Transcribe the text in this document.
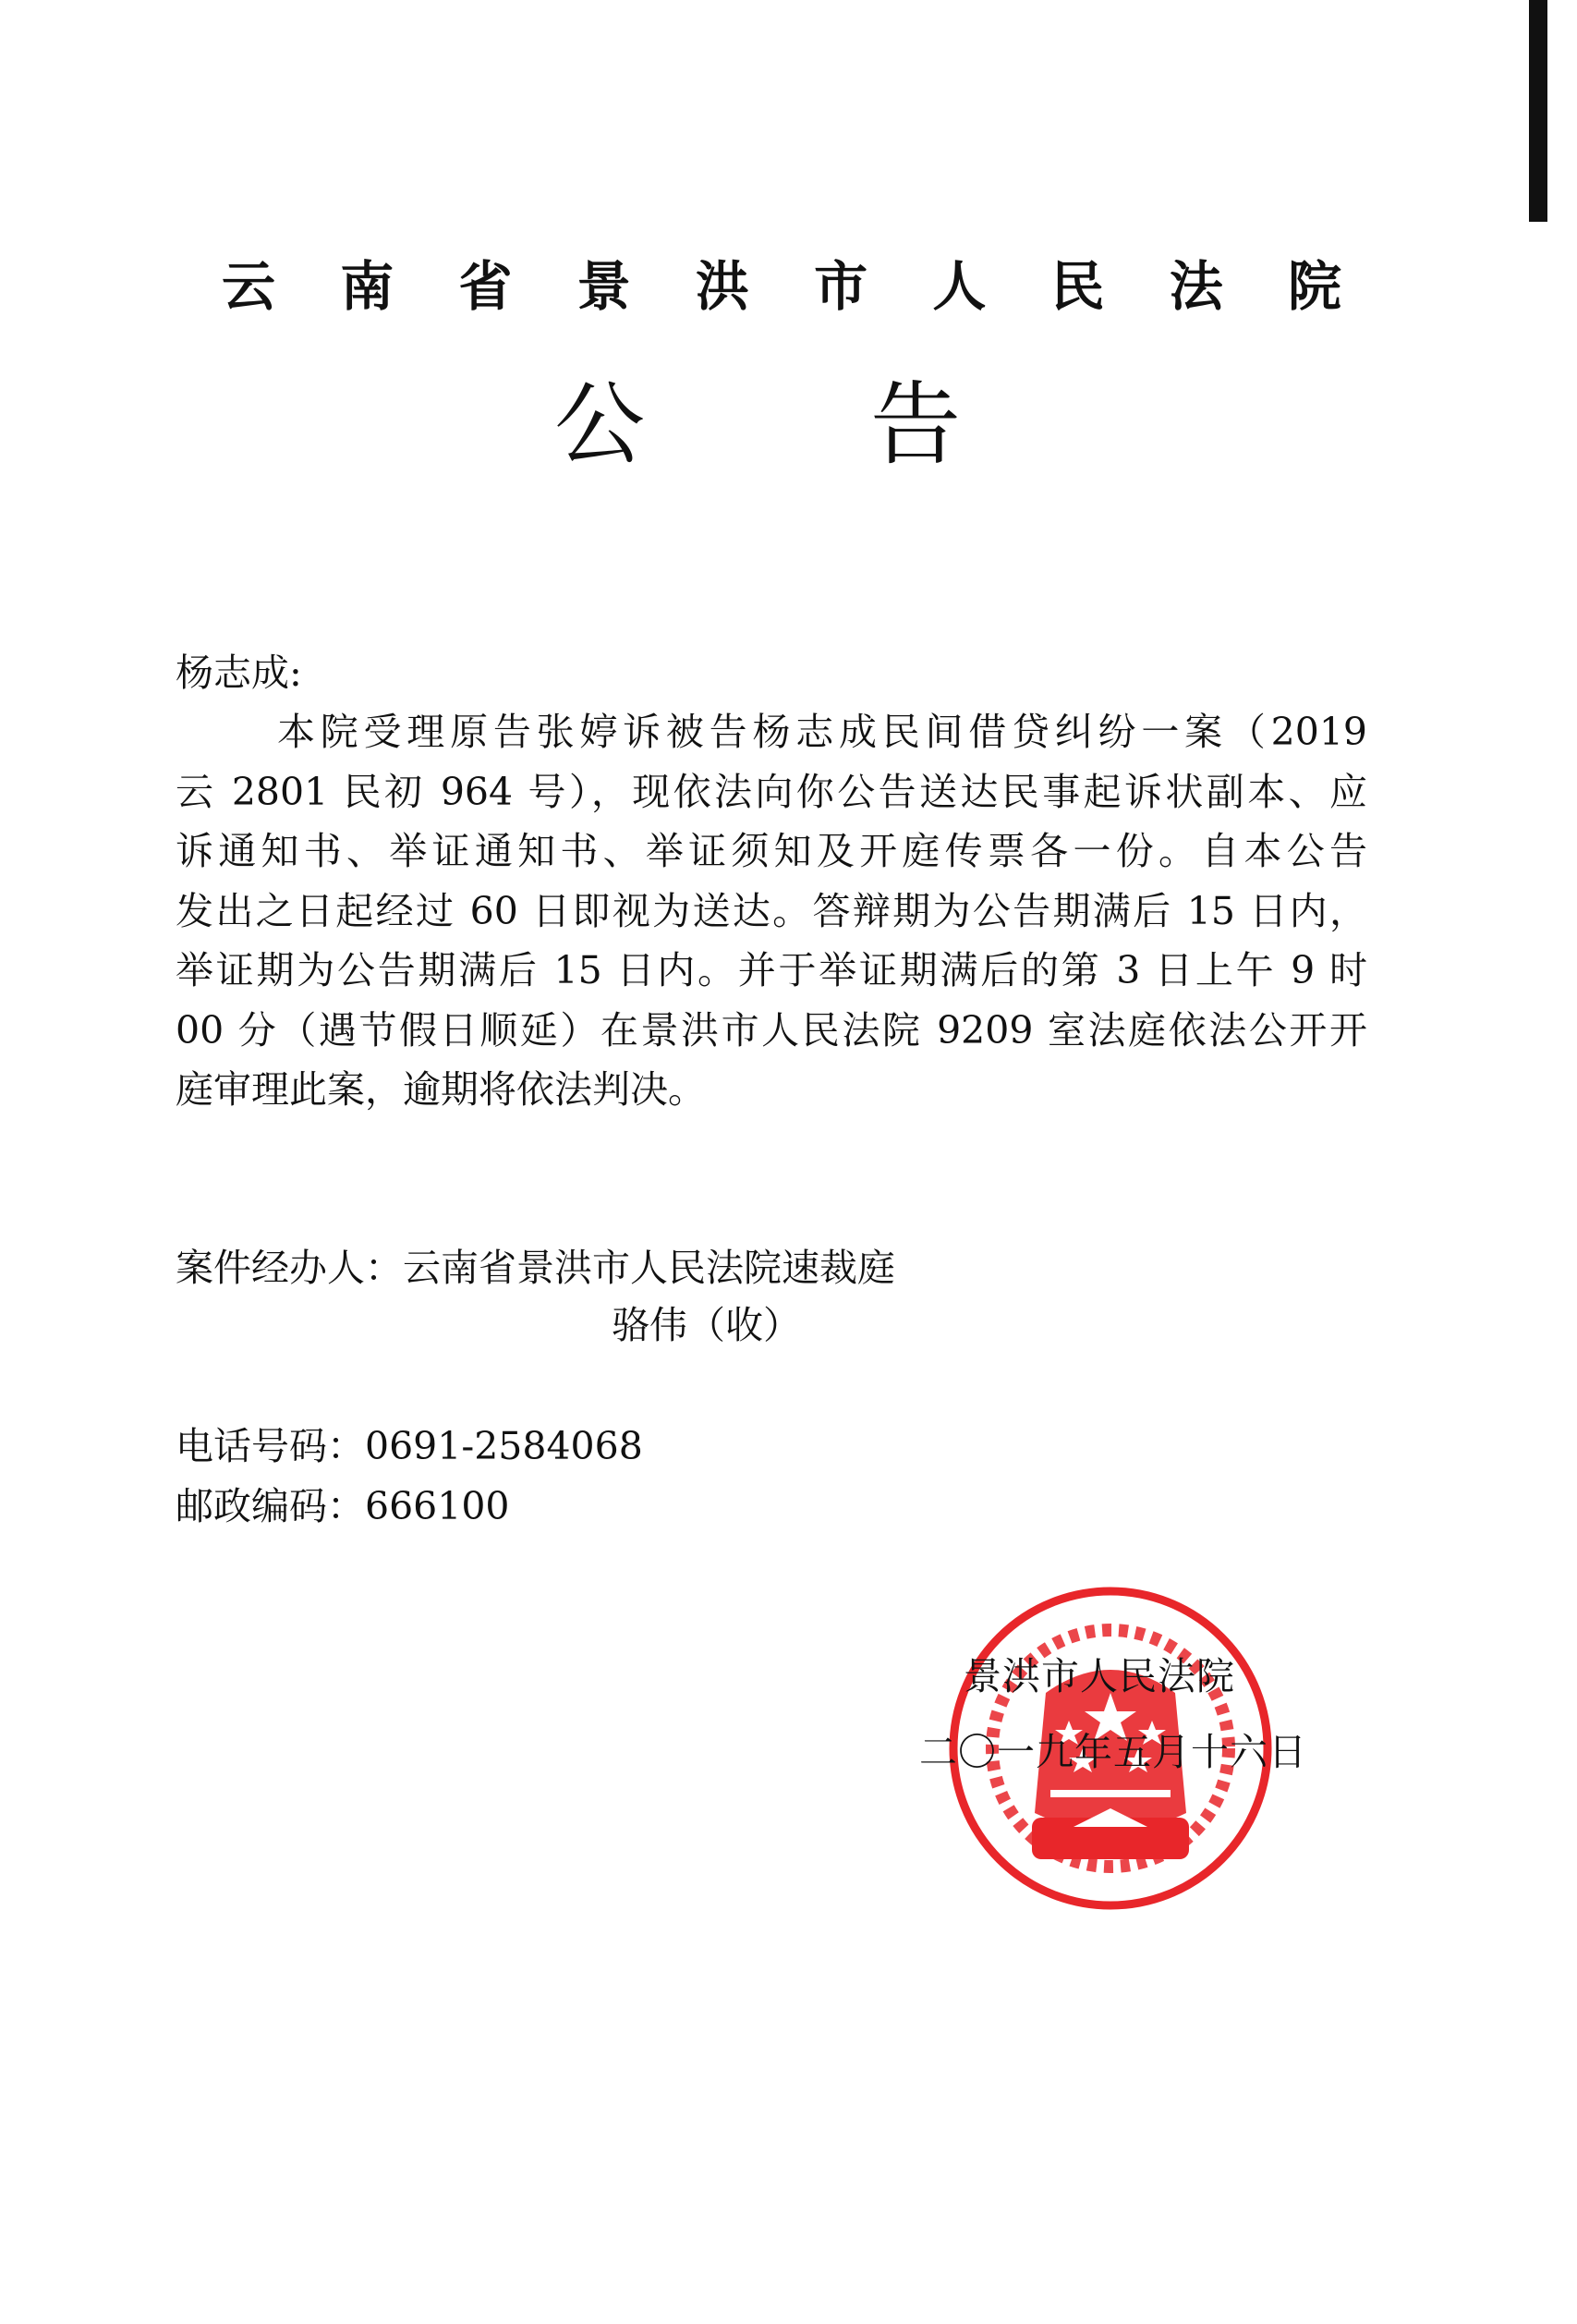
云 南 省 景 洪 市 人 民 法 院
公 告
杨志成:
本院受理原告张婷诉被告杨志成民间借贷纠纷一案（2019
云 2801 民初 964 号），现依法向你公告送达民事起诉状副本、应
诉通知书、举证通知书、举证须知及开庭传票各一份。自本公告
发出之日起经过 60 日即视为送达。答辩期为公告期满后 15 日内，
举证期为公告期满后 15 日内。并于举证期满后的第 3 日上午 9 时
00 分（遇节假日顺延）在景洪市人民法院 9209 室法庭依法公开开
庭审理此案，逾期将依法判决。
案件经办人：云南省景洪市人民法院速裁庭
骆伟（收）
电话号码：0691-2584068
邮政编码：666100
景洪市人民法院
二〇一九年五月十六日
